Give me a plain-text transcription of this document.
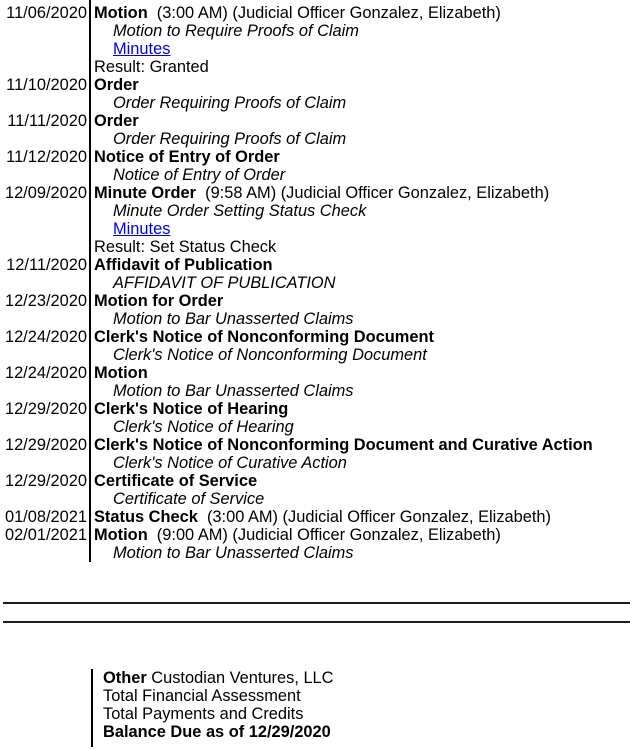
11/06/2020 Motion  (3:00 AM) (Judicial Officer Gonzalez, Elizabeth)
Motion to Require Proofs of Claim
Minutes
Result: Granted
11/10/2020 Order
Order Requiring Proofs of Claim
11/11/2020 Order
Order Requiring Proofs of Claim
11/12/2020 Notice of Entry of Order
Notice of Entry of Order
12/09/2020 Minute Order  (9:58 AM) (Judicial Officer Gonzalez, Elizabeth)
Minute Order Setting Status Check
Minutes
Result: Set Status Check
12/11/2020 Affidavit of Publication
AFFIDAVIT OF PUBLICATION
12/23/2020 Motion for Order
Motion to Bar Unasserted Claims
12/24/2020 Clerk's Notice of Nonconforming Document
Clerk's Notice of Nonconforming Document
12/24/2020 Motion
Motion to Bar Unasserted Claims
12/29/2020 Clerk's Notice of Hearing
Clerk's Notice of Hearing
12/29/2020 Clerk's Notice of Nonconforming Document and Curative Action
Clerk's Notice of Curative Action
12/29/2020 Certificate of Service
Certificate of Service
01/08/2021 Status Check  (3:00 AM) (Judicial Officer Gonzalez, Elizabeth)
02/01/2021 Motion  (9:00 AM) (Judicial Officer Gonzalez, Elizabeth)
Motion to Bar Unasserted Claims
Other Custodian Ventures, LLC
Total Financial Assessment
Total Payments and Credits
Balance Due as of 12/29/2020
